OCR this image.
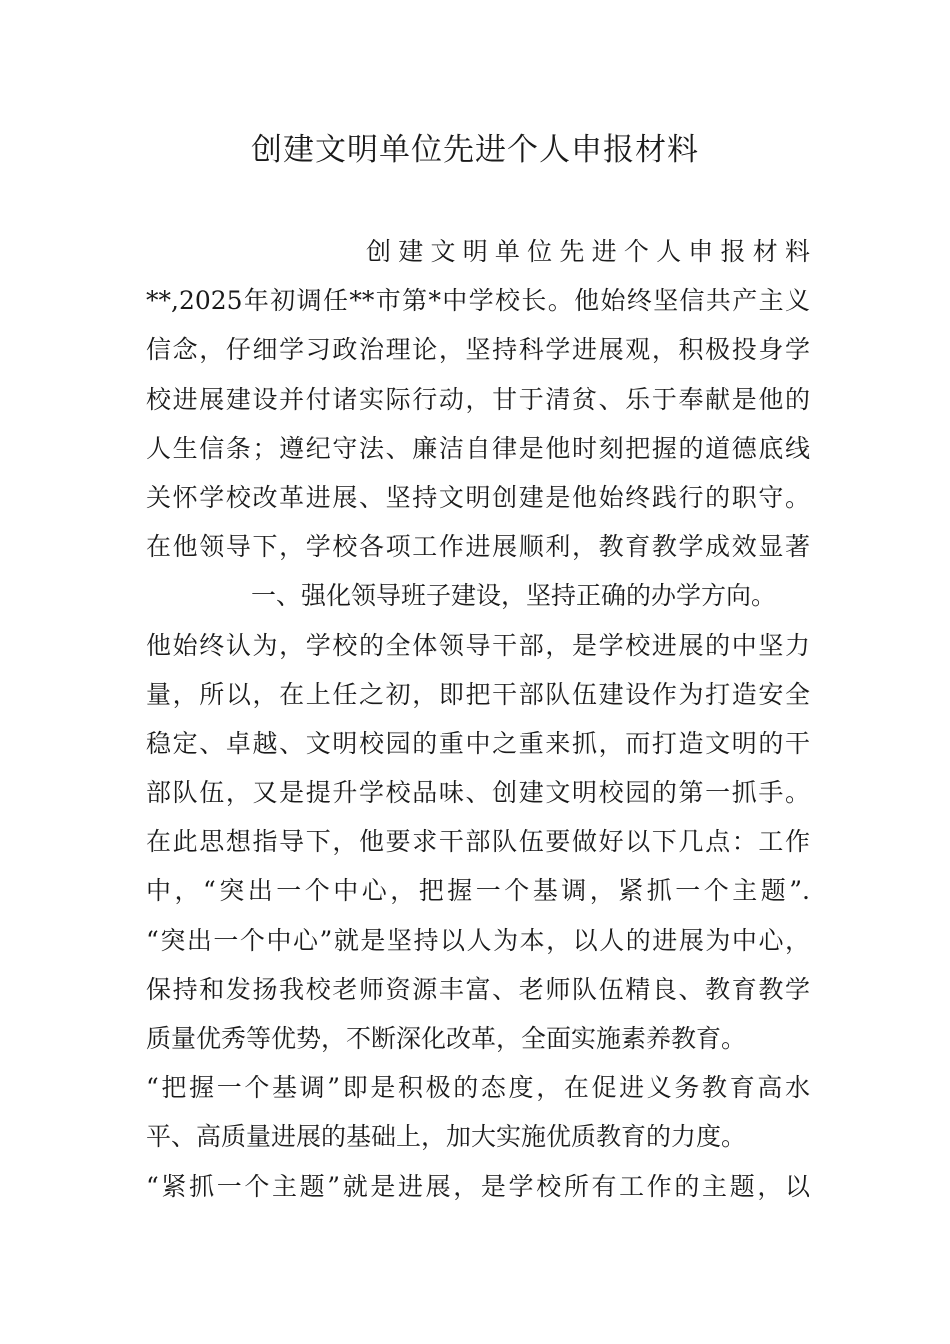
创建文明单位先进个人申报材料
创建文明单位先进个人申报材料
**,2025年初调任**市第*中学校长。他始终坚信共产主义
信念，仔细学习政治理论，坚持科学进展观，积极投身学
校进展建设并付诸实际行动，甘于清贫、乐于奉献是他的
人生信条；遵纪守法、廉洁自律是他时刻把握的道德底线
关怀学校改革进展、坚持文明创建是他始终践行的职守。
在他领导下，学校各项工作进展顺利，教育教学成效显著
一、强化领导班子建设，坚持正确的办学方向。
他始终认为，学校的全体领导干部，是学校进展的中坚力
量，所以，在上任之初，即把干部队伍建设作为打造安全
稳定、卓越、文明校园的重中之重来抓，而打造文明的干
部队伍，又是提升学校品味、创建文明校园的第一抓手。
在此思想指导下，他要求干部队伍要做好以下几点：工作
中，“突出一个中心，把握一个基调，紧抓一个主题”.
“突出一个中心”就是坚持以人为本，以人的进展为中心，
保持和发扬我校老师资源丰富、老师队伍精良、教育教学
质量优秀等优势，不断深化改革，全面实施素养教育。
“把握一个基调”即是积极的态度，在促进义务教育高水
平、高质量进展的基础上，加大实施优质教育的力度。
“紧抓一个主题”就是进展，是学校所有工作的主题，以
